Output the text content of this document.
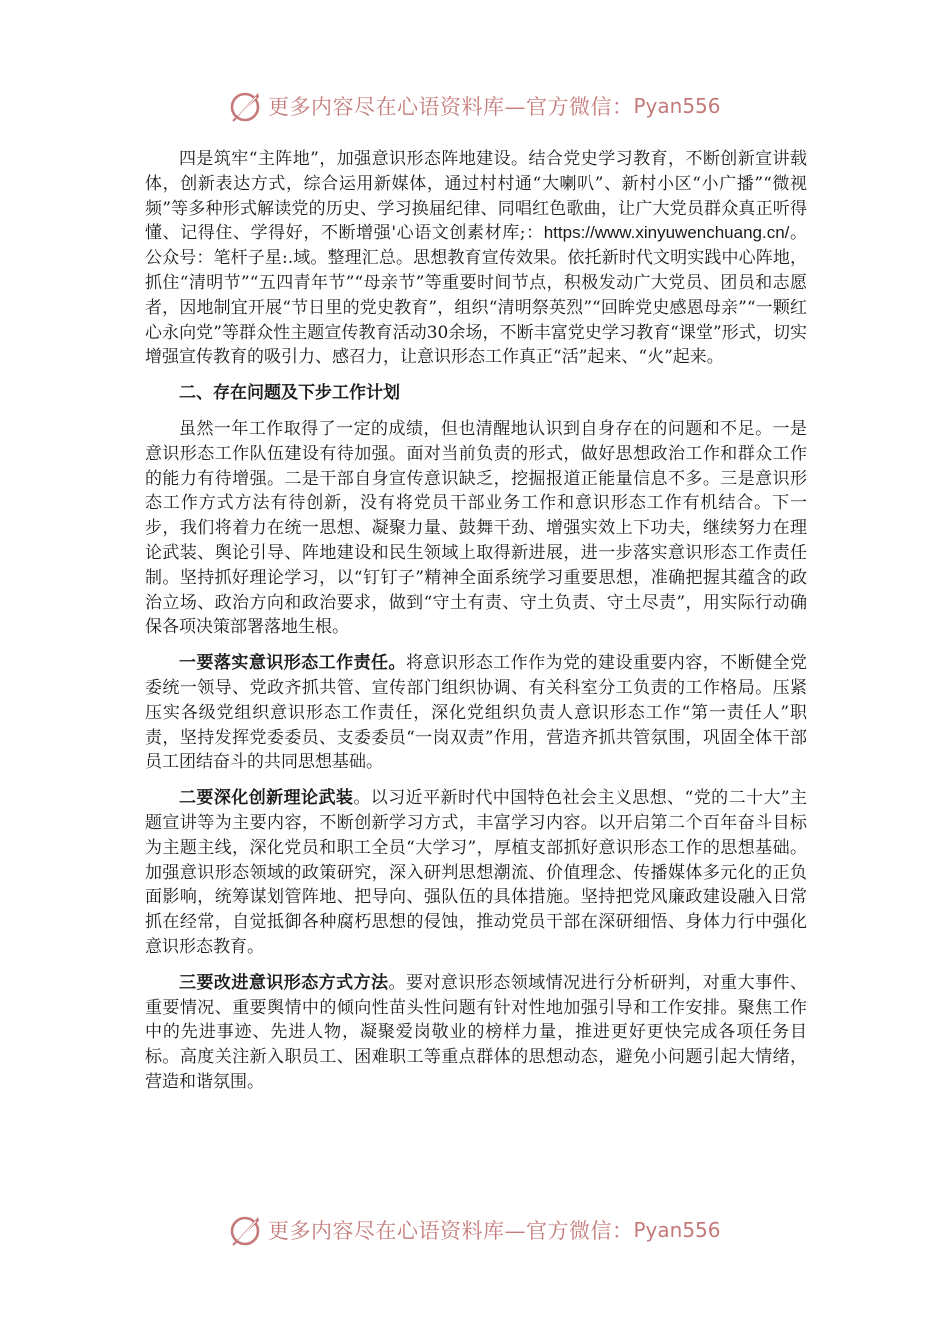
更多内容尽在心语资料库—官方微信： Pyan556

四是筑牢“主阵地”，加强意识形态阵地建设。结合党史学习教育，不断创新宣讲载体，创新表达方式，综合运用新媒体，通过村村通“大喇叭”、新村小区“小广播”“微视频”等多种形式解读党的历史、学习换届纪律、同唱红色歌曲，让广大党员群众真正听得懂、记得住、学得好，不断增强'心语文创素材库;：https://www.xinyuwenchuang.cn/。公众号：笔杆子星:.域。整理汇总。思想教育宣传效果。依托新时代文明实践中心阵地，抓住“清明节”“五四青年节”“母亲节”等重要时间节点，积极发动广大党员、团员和志愿者，因地制宜开展“节日里的党史教育”，组织“清明祭英烈”“回眸党史感恩母亲”“一颗红心永向党”等群众性主题宣传教育活动30余场，不断丰富党史学习教育“课堂”形式，切实增强宣传教育的吸引力、感召力，让意识形态工作真正“活”起来、“火”起来。

二、存在问题及下步工作计划

虽然一年工作取得了一定的成绩，但也清醒地认识到自身存在的问题和不足。一是意识形态工作队伍建设有待加强。面对当前负责的形式，做好思想政治工作和群众工作的能力有待增强。二是干部自身宣传意识缺乏，挖掘报道正能量信息不多。三是意识形态工作方式方法有待创新，没有将党员干部业务工作和意识形态工作有机结合。下一步，我们将着力在统一思想、凝聚力量、鼓舞干劲、增强实效上下功夫，继续努力在理论武装、舆论引导、阵地建设和民生领域上取得新进展，进一步落实意识形态工作责任制。坚持抓好理论学习，以“钉钉子”精神全面系统学习重要思想，准确把握其蕴含的政治立场、政治方向和政治要求，做到“守土有责、守土负责、守土尽责”，用实际行动确保各项决策部署落地生根。

一要落实意识形态工作责任。将意识形态工作作为党的建设重要内容，不断健全党委统一领导、党政齐抓共管、宣传部门组织协调、有关科室分工负责的工作格局。压紧压实各级党组织意识形态工作责任，深化党组织负责人意识形态工作“第一责任人”职责，坚持发挥党委委员、支委委员“一岗双责”作用，营造齐抓共管氛围，巩固全体干部员工团结奋斗的共同思想基础。

二要深化创新理论武装。以习近平新时代中国特色社会主义思想、“党的二十大”主题宣讲等为主要内容，不断创新学习方式，丰富学习内容。以开启第二个百年奋斗目标为主题主线，深化党员和职工全员“大学习”，厚植支部抓好意识形态工作的思想基础。加强意识形态领域的政策研究，深入研判思想潮流、价值理念、传播媒体多元化的正负面影响，统筹谋划管阵地、把导向、强队伍的具体措施。坚持把党风廉政建设融入日常抓在经常，自觉抵御各种腐朽思想的侵蚀，推动党员干部在深研细悟、身体力行中强化意识形态教育。

三要改进意识形态方式方法。要对意识形态领域情况进行分析研判，对重大事件、重要情况、重要舆情中的倾向性苗头性问题有针对性地加强引导和工作安排。聚焦工作中的先进事迹、先进人物，凝聚爱岗敬业的榜样力量，推进更好更快完成各项任务目标。高度关注新入职员工、困难职工等重点群体的思想动态，避免小问题引起大情绪，营造和谐氛围。

更多内容尽在心语资料库—官方微信： Pyan556
